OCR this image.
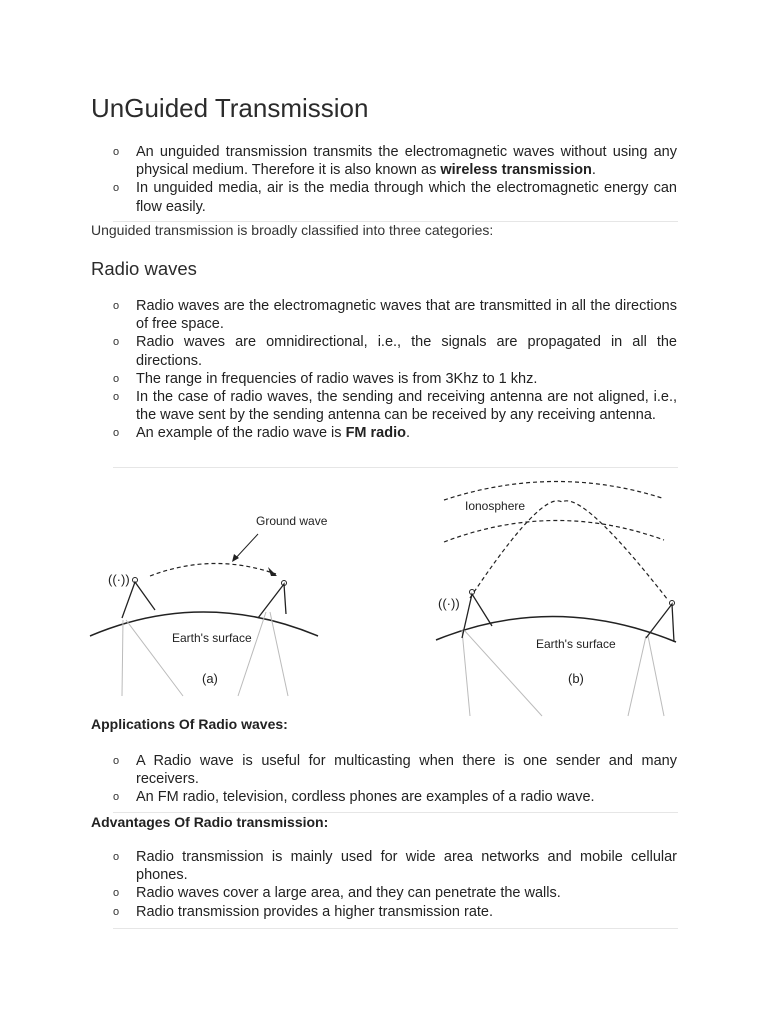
UnGuided Transmission
o An unguided transmission transmits the electromagnetic waves without using any physical medium. Therefore it is also known as wireless transmission.
o In unguided media, air is the media through which the electromagnetic energy can flow easily.

Unguided transmission is broadly classified into three categories:

Radio waves
o Radio waves are the electromagnetic waves that are transmitted in all the directions of free space.
o Radio waves are omnidirectional, i.e., the signals are propagated in all the directions.
o The range in frequencies of radio waves is from 3Khz to 1 khz.
o In the case of radio waves, the sending and receiving antenna are not aligned, i.e., the wave sent by the sending antenna can be received by any receiving antenna.
o An example of the radio wave is FM radio.
((·))
Ground wave
Earth's surface
(a)
Ionosphere
((·))
Earth's surface
(b)
Applications Of Radio waves:
o A Radio wave is useful for multicasting when there is one sender and many receivers.
o An FM radio, television, cordless phones are examples of a radio wave.
Advantages Of Radio transmission:
o Radio transmission is mainly used for wide area networks and mobile cellular phones.
o Radio waves cover a large area, and they can penetrate the walls.
o Radio transmission provides a higher transmission rate.
